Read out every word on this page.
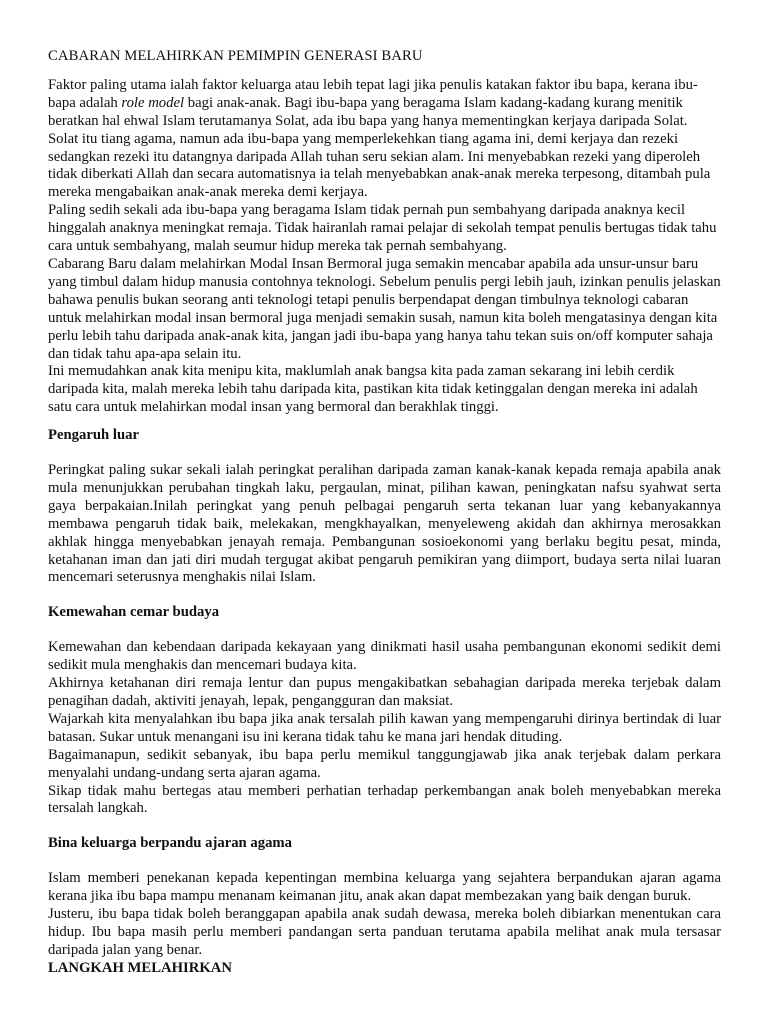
CABARAN MELAHIRKAN PEMIMPIN GENERASI BARU

Faktor paling utama ialah faktor keluarga atau lebih tepat lagi jika penulis katakan faktor ibu bapa, kerana ibu-bapa adalah role model bagi anak-anak. Bagi ibu-bapa yang beragama Islam kadang-kadang kurang menitik beratkan hal ehwal Islam terutamanya Solat, ada ibu bapa yang hanya mementingkan kerjaya daripada Solat.

Solat itu tiang agama, namun ada ibu-bapa yang memperlekehkan tiang agama ini, demi kerjaya dan rezeki sedangkan rezeki itu datangnya daripada Allah tuhan seru sekian alam. Ini menyebabkan rezeki yang diperoleh tidak diberkati Allah dan secara automatisnya ia telah menyebabkan anak-anak mereka terpesong, ditambah pula mereka mengabaikan anak-anak mereka demi kerjaya.

Paling sedih sekali ada ibu-bapa yang beragama Islam tidak pernah pun sembahyang daripada anaknya kecil hinggalah anaknya meningkat remaja. Tidak hairanlah ramai pelajar di sekolah tempat penulis bertugas tidak tahu cara untuk sembahyang, malah seumur hidup mereka tak pernah sembahyang.

Cabarang Baru dalam melahirkan Modal Insan Bermoral juga semakin mencabar apabila ada unsur-unsur baru yang timbul dalam hidup manusia contohnya teknologi. Sebelum penulis pergi lebih jauh, izinkan penulis jelaskan bahawa penulis bukan seorang anti teknologi tetapi penulis berpendapat dengan timbulnya teknologi cabaran untuk melahirkan modal insan bermoral juga menjadi semakin susah, namun kita boleh mengatasinya dengan kita perlu lebih tahu daripada anak-anak kita, jangan jadi ibu-bapa yang hanya tahu tekan suis on/off komputer sahaja dan tidak tahu apa-apa selain itu.

Ini memudahkan anak kita menipu kita, maklumlah anak bangsa kita pada zaman sekarang ini lebih cerdik daripada kita, malah mereka lebih tahu daripada kita, pastikan kita tidak ketinggalan dengan mereka ini adalah satu cara untuk melahirkan modal insan yang bermoral dan berakhlak tinggi.

Pengaruh luar

Peringkat paling sukar sekali ialah peringkat peralihan daripada zaman kanak-kanak kepada remaja apabila anak mula menunjukkan perubahan tingkah laku, pergaulan, minat, pilihan kawan, peningkatan nafsu syahwat serta gaya berpakaian.Inilah peringkat yang penuh pelbagai pengaruh serta tekanan luar yang kebanyakannya membawa pengaruh tidak baik, melekakan, mengkhayalkan, menyeleweng akidah dan akhirnya merosakkan akhlak hingga menyebabkan jenayah remaja. Pembangunan sosioekonomi yang berlaku begitu pesat, minda, ketahanan iman dan jati diri mudah tergugat akibat pengaruh pemikiran yang diimport, budaya serta nilai luaran mencemari seterusnya menghakis nilai Islam.

Kemewahan cemar budaya

Kemewahan dan kebendaan daripada kekayaan yang dinikmati hasil usaha pembangunan ekonomi sedikit demi sedikit mula menghakis dan mencemari budaya kita.

Akhirnya ketahanan diri remaja lentur dan pupus mengakibatkan sebahagian daripada mereka terjebak dalam penagihan dadah, aktiviti jenayah, lepak, pengangguran dan maksiat.

Wajarkah kita menyalahkan ibu bapa jika anak tersalah pilih kawan yang mempengaruhi dirinya bertindak di luar batasan. Sukar untuk menangani isu ini kerana tidak tahu ke mana jari hendak dituding.

Bagaimanapun, sedikit sebanyak, ibu bapa perlu memikul tanggungjawab jika anak terjebak dalam perkara menyalahi undang-undang serta ajaran agama.

Sikap tidak mahu bertegas atau memberi perhatian terhadap perkembangan anak boleh menyebabkan mereka tersalah langkah.

Bina keluarga berpandu ajaran agama

Islam memberi penekanan kepada kepentingan membina keluarga yang sejahtera berpandukan ajaran agama kerana jika ibu bapa mampu menanam keimanan jitu, anak akan dapat membezakan yang baik dengan buruk.

Justeru, ibu bapa tidak boleh beranggapan apabila anak sudah dewasa, mereka boleh dibiarkan menentukan cara hidup. Ibu bapa masih perlu memberi pandangan serta panduan terutama apabila melihat anak mula tersasar daripada jalan yang benar.

LANGKAH MELAHIRKAN
